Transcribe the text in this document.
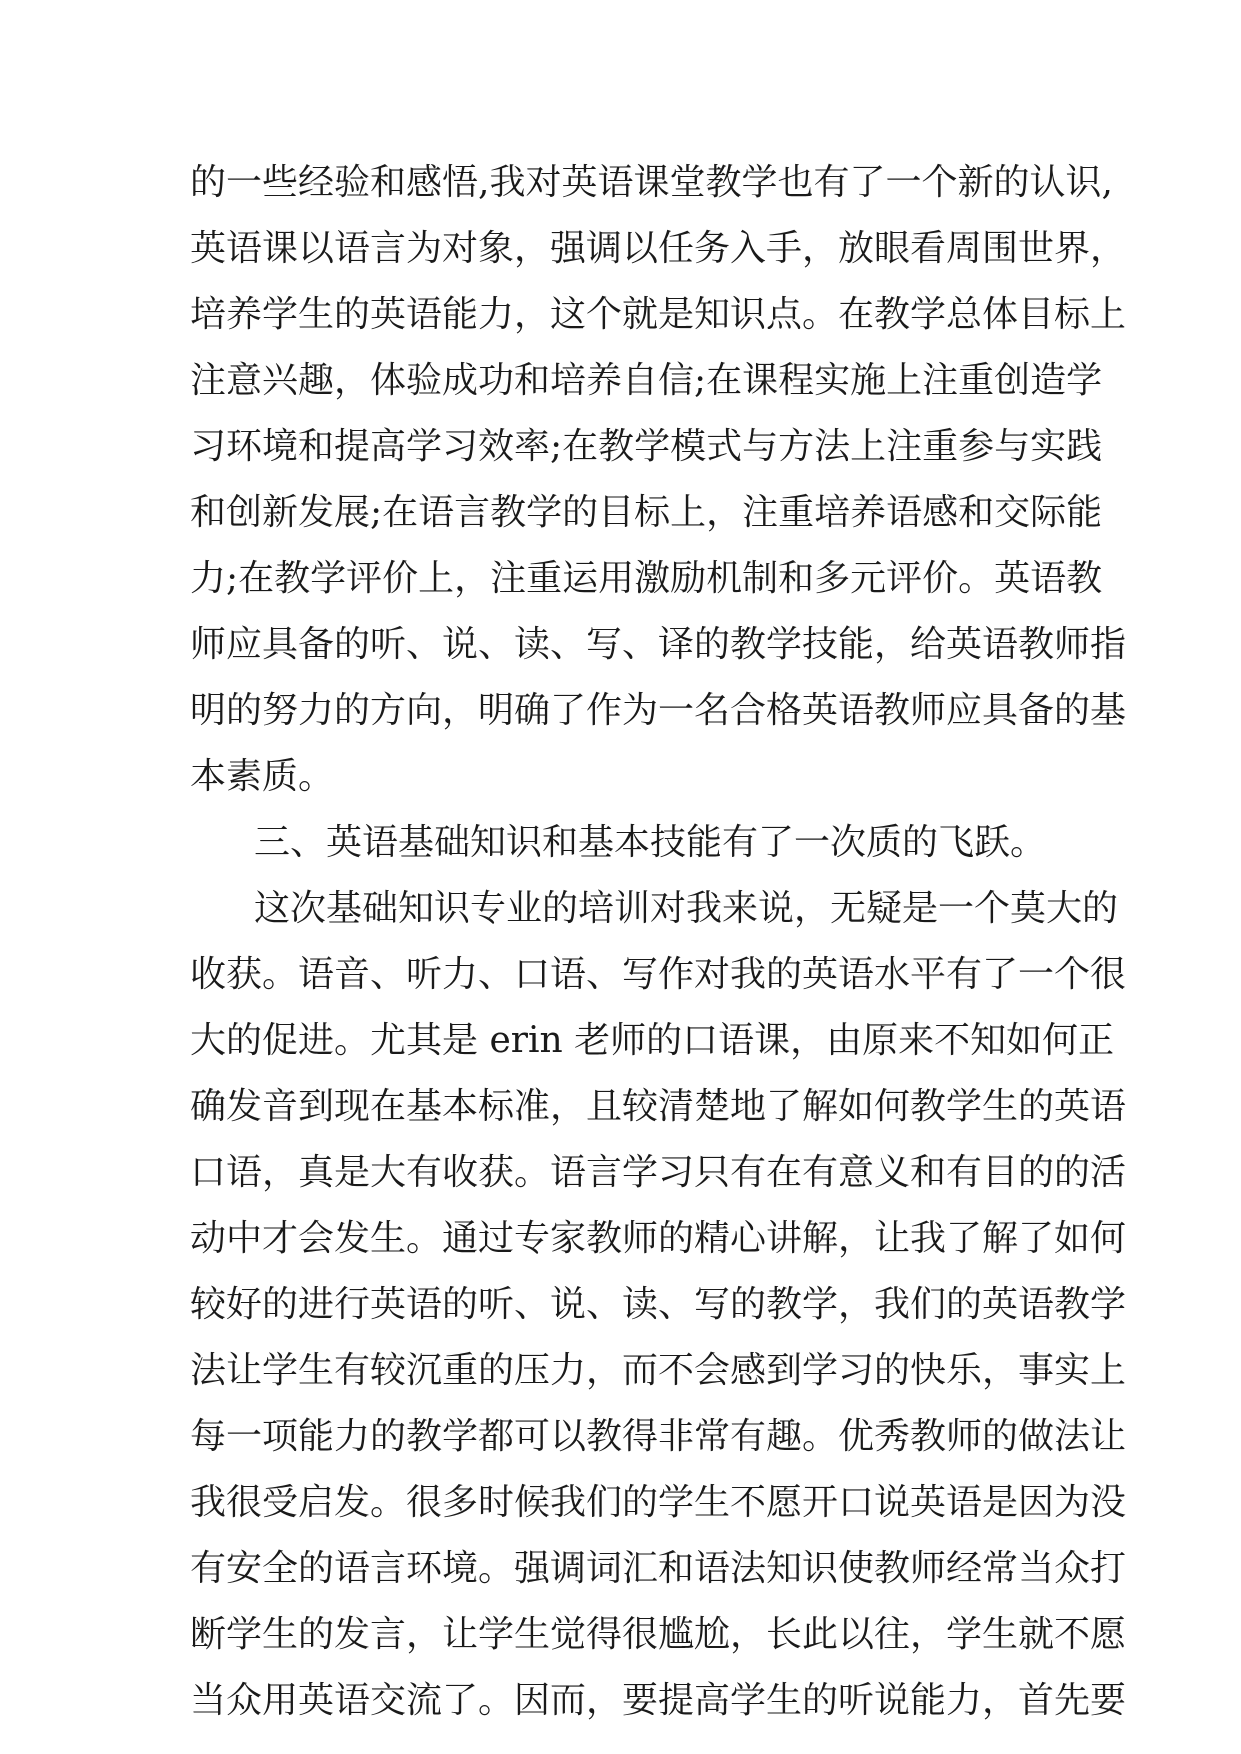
的一些经验和感悟,我对英语课堂教学也有了一个新的认识,
英语课以语言为对象，强调以任务入手，放眼看周围世界，
培养学生的英语能力，这个就是知识点。在教学总体目标上
注意兴趣，体验成功和培养自信;在课程实施上注重创造学
习环境和提高学习效率;在教学模式与方法上注重参与实践
和创新发展;在语言教学的目标上，注重培养语感和交际能
力;在教学评价上，注重运用激励机制和多元评价。英语教
师应具备的听、说、读、写、译的教学技能，给英语教师指
明的努力的方向，明确了作为一名合格英语教师应具备的基
本素质。
三、英语基础知识和基本技能有了一次质的飞跃。
这次基础知识专业的培训对我来说，无疑是一个莫大的
收获。语音、听力、口语、写作对我的英语水平有了一个很
大的促进。尤其是 erin 老师的口语课，由原来不知如何正
确发音到现在基本标准，且较清楚地了解如何教学生的英语
口语，真是大有收获。语言学习只有在有意义和有目的的活
动中才会发生。通过专家教师的精心讲解，让我了解了如何
较好的进行英语的听、说、读、写的教学，我们的英语教学
法让学生有较沉重的压力，而不会感到学习的快乐，事实上
每一项能力的教学都可以教得非常有趣。优秀教师的做法让
我很受启发。很多时候我们的学生不愿开口说英语是因为没
有安全的语言环境。强调词汇和语法知识使教师经常当众打
断学生的发言，让学生觉得很尴尬，长此以往，学生就不愿
当众用英语交流了。因而，要提高学生的听说能力，首先要
